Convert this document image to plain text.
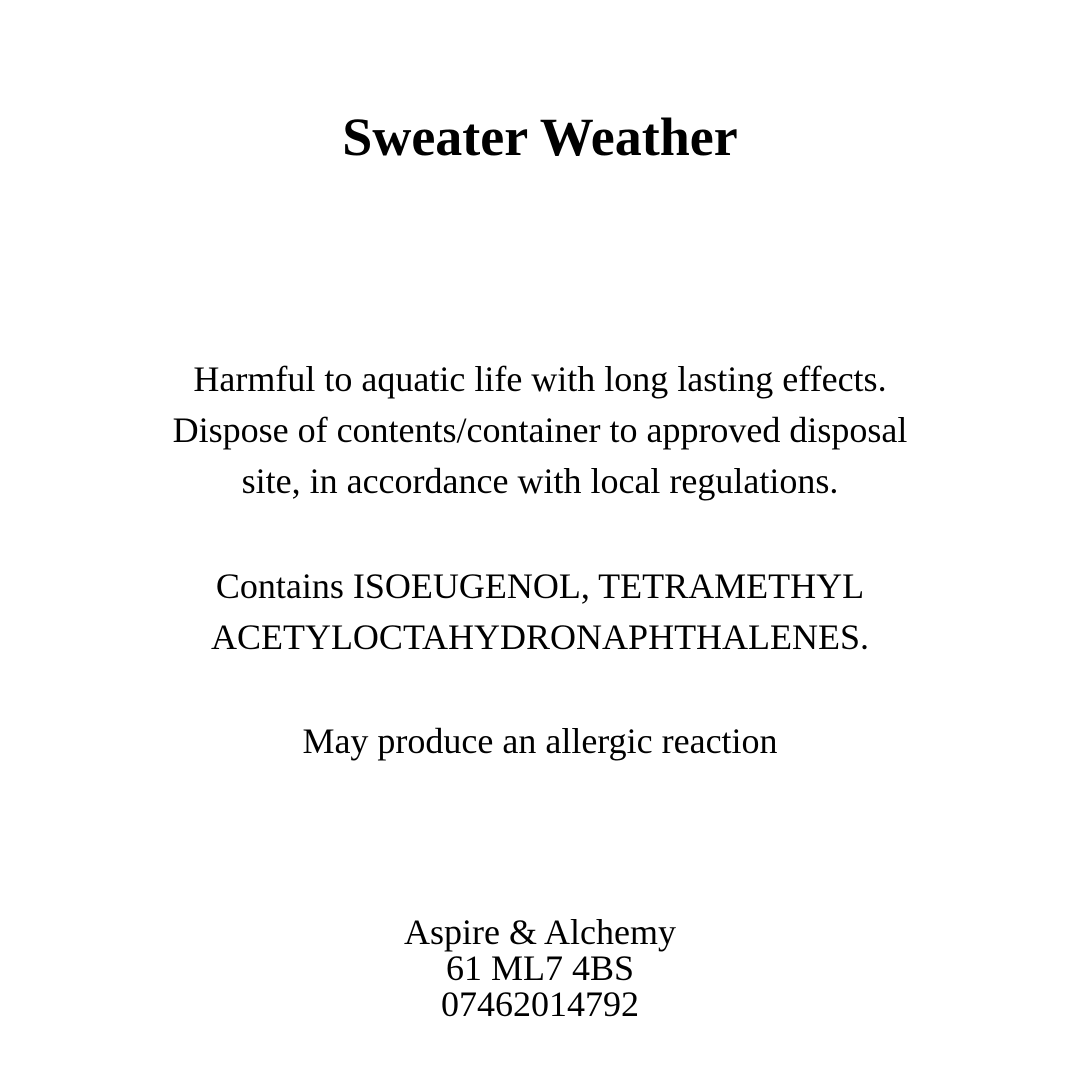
Sweater Weather

Harmful to aquatic life with long lasting effects.

Dispose of contents/container to approved disposal

site, in accordance with local regulations.

Contains ISOEUGENOL, TETRAMETHYL

ACETYLOCTAHYDRONAPHTHALENES.

May produce an allergic reaction

Aspire & Alchemy

61 ML7 4BS

07462014792
